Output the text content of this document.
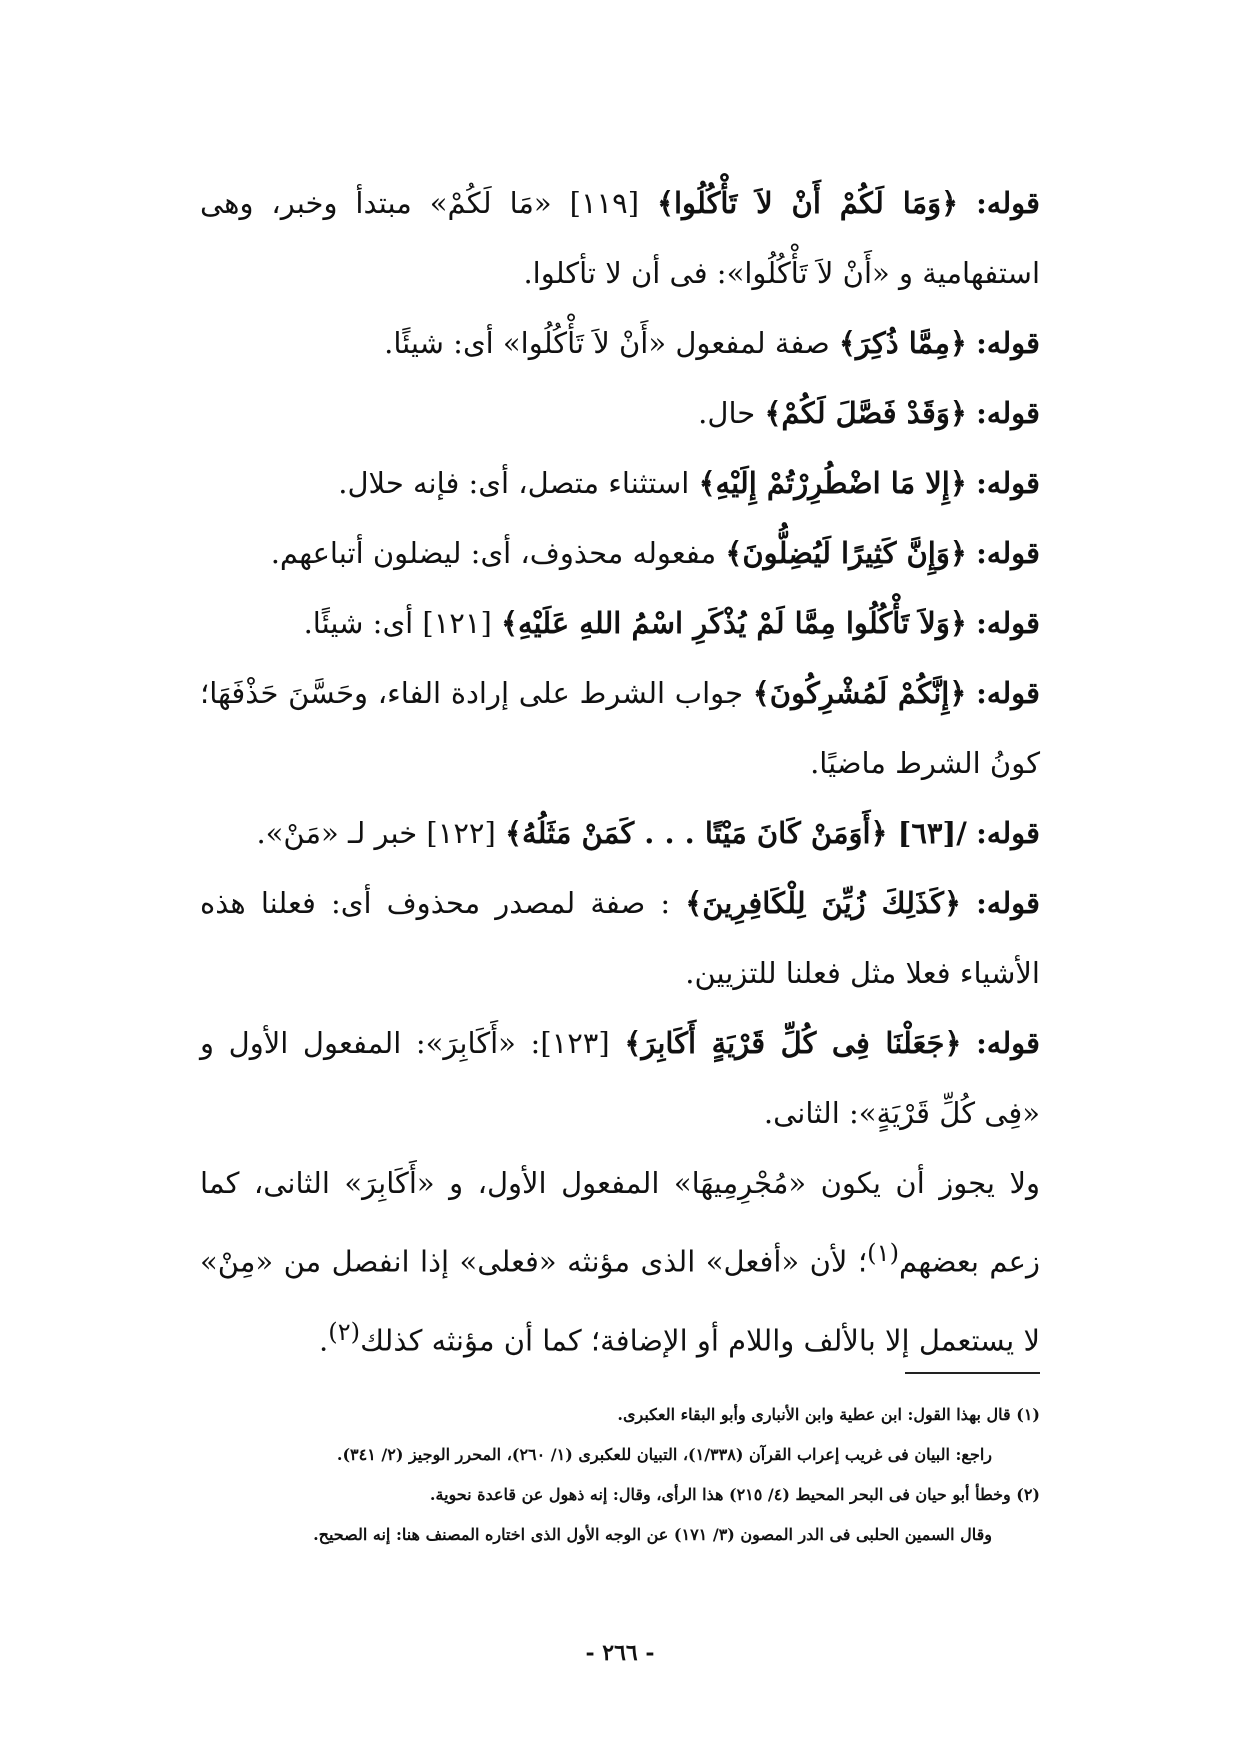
قوله: ﴿وَمَا لَكُمْ أَنْ لاَ تَأْكُلُوا﴾ [١١٩] «مَا لَكُمْ» مبتدأ وخبر، وهى استفهامية و «أَنْ لاَ تَأْكُلُوا»: فى أن لا تأكلوا.

قوله: ﴿مِمَّا ذُكِرَ﴾ صفة لمفعول «أَنْ لاَ تَأْكُلُوا» أى: شيئًا.

قوله: ﴿وَقَدْ فَصَّلَ لَكُمْ﴾ حال.

قوله: ﴿إِلا مَا اضْطُرِرْتُمْ إِلَيْهِ﴾ استثناء متصل، أى: فإنه حلال.

قوله: ﴿وَإِنَّ كَثِيرًا لَيُضِلُّونَ﴾ مفعوله محذوف، أى: ليضلون أتباعهم.

قوله: ﴿وَلاَ تَأْكُلُوا مِمَّا لَمْ يُذْكَرِ اسْمُ اللهِ عَلَيْهِ﴾ [١٢١] أى: شيئًا.

قوله: ﴿إِنَّكُمْ لَمُشْرِكُونَ﴾ جواب الشرط على إرادة الفاء، وحَسَّنَ حَذْفَهَا؛ كونُ الشرط ماضيًا.

قوله: /[٦٣] ﴿أَوَمَنْ كَانَ مَيْتًا . . . كَمَنْ مَثَلُهُ﴾ [١٢٢] خبر لـ «مَنْ».

قوله: ﴿كَذَلِكَ زُيِّنَ لِلْكَافِرِينَ﴾ : صفة لمصدر محذوف أى: فعلنا هذه الأشياء فعلا مثل فعلنا للتزيين.

قوله: ﴿جَعَلْنَا فِى كُلِّ قَرْيَةٍ أَكَابِرَ﴾ [١٢٣]: «أَكَابِرَ»: المفعول الأول و «فِى كُلِّ قَرْيَةٍ»: الثانى.

ولا يجوز أن يكون «مُجْرِمِيهَا» المفعول الأول، و «أَكَابِرَ» الثانى، كما زعم بعضهم$^{(١)}$؛ لأن «أفعل» الذى مؤنثه «فعلى» إذا انفصل من «مِنْ» لا يستعمل إلا بالألف واللام أو الإضافة؛ كما أن مؤنثه كذلك$^{(٢)}$.

(١) قال بهذا القول: ابن عطية وابن الأنبارى وأبو البقاء العكبرى.

راجع: البيان فى غريب إعراب القرآن (١/٣٣٨)، التبيان للعكبرى (١/ ٢٦٠)، المحرر الوجيز (٢/ ٣٤١).

(٢) وخطأ أبو حيان فى البحر المحيط (٤/ ٢١٥) هذا الرأى، وقال: إنه ذهول عن قاعدة نحوية.

وقال السمين الحلبى فى الدر المصون (٣/ ١٧١) عن الوجه الأول الذى اختاره المصنف هنا: إنه الصحيح.

- ٢٦٦ -
